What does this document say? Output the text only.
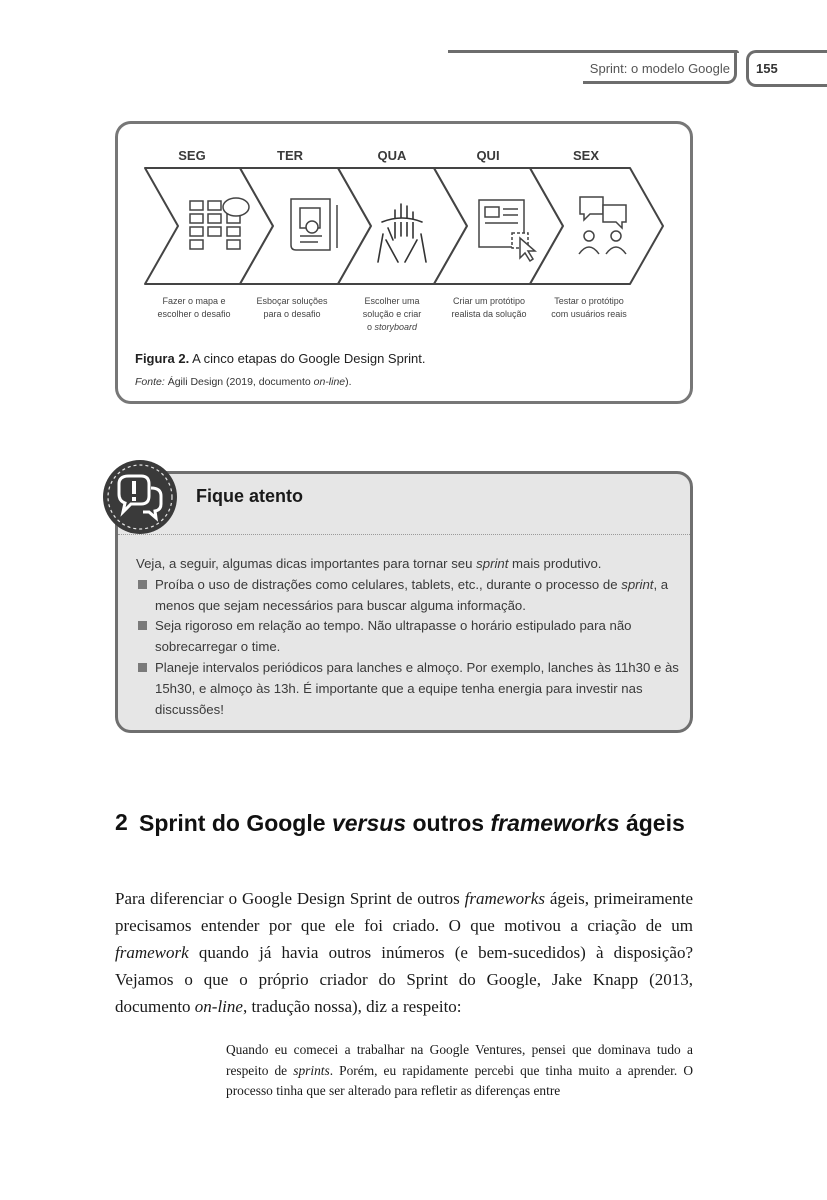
Sprint: o modelo Google 155
SEG	TER	QUA	QUI	SEX
Fazer o mapa e
escolher o desafio
Esboçar soluções
para o desafio
Escolher uma
solução e criar
o storyboard
Criar um protótipo
realista da solução
Testar o protótipo
com usuários reais
Figura 2. A cinco etapas do Google Design Sprint.
Fonte: Ágili Design (2019, documento on-line).
Fique atento

Veja, a seguir, algumas dicas importantes para tornar seu sprint mais produtivo.

Proíba o uso de distrações como celulares, tablets, etc., durante o processo de sprint, a menos que sejam necessários para buscar alguma informação.
Seja rigoroso em relação ao tempo. Não ultrapasse o horário estipulado para não sobrecarregar o time.
Planeje intervalos periódicos para lanches e almoço. Por exemplo, lanches às 11h30 e às 15h30, e almoço às 13h. É importante que a equipe tenha energia para investir nas discussões!
2 Sprint do Google versus outros frameworks ágeis
Para diferenciar o Google Design Sprint de outros frameworks ágeis, primeiramente precisamos entender por que ele foi criado. O que motivou a criação de um framework quando já havia outros inúmeros (e bem-sucedidos) à disposição? Vejamos o que o próprio criador do Sprint do Google, Jake Knapp (2013, documento on-line, tradução nossa), diz a respeito:
Quando eu comecei a trabalhar na Google Ventures, pensei que dominava tudo a respeito de sprints. Porém, eu rapidamente percebi que tinha muito a aprender. O processo tinha que ser alterado para refletir as diferenças entre
